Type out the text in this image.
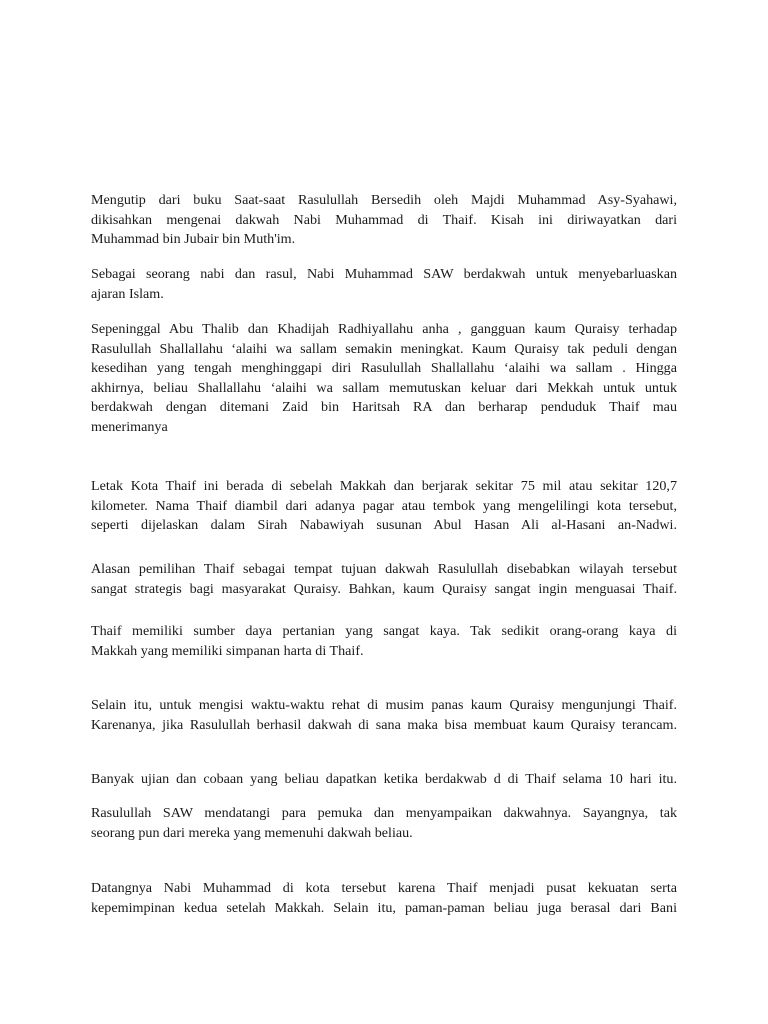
Mengutip dari buku Saat-saat Rasulullah Bersedih oleh Majdi Muhammad Asy-Syahawi,
dikisahkan mengenai dakwah Nabi Muhammad di Thaif. Kisah ini diriwayatkan dari
Muhammad bin Jubair bin Muth'im.
Sebagai seorang nabi dan rasul, Nabi Muhammad SAW berdakwah untuk menyebarluaskan
ajaran Islam.
Sepeninggal Abu Thalib dan Khadijah Radhiyallahu anha , gangguan kaum Quraisy terhadap
Rasulullah Shallallahu ‘alaihi wa sallam semakin meningkat. Kaum Quraisy tak peduli dengan
kesedihan yang tengah menghinggapi diri Rasulullah Shallallahu ‘alaihi wa sallam . Hingga
akhirnya, beliau Shallallahu ‘alaihi wa sallam memutuskan keluar dari Mekkah untuk untuk
berdakwah dengan ditemani Zaid bin Haritsah RA dan berharap penduduk Thaif mau
menerimanya
Letak Kota Thaif ini berada di sebelah Makkah dan berjarak sekitar 75 mil atau sekitar 120,7
kilometer. Nama Thaif diambil dari adanya pagar atau tembok yang mengelilingi kota tersebut,
seperti dijelaskan dalam Sirah Nabawiyah susunan Abul Hasan Ali al-Hasani an-Nadwi.
Alasan pemilihan Thaif sebagai tempat tujuan dakwah Rasulullah disebabkan wilayah tersebut
sangat strategis bagi masyarakat Quraisy. Bahkan, kaum Quraisy sangat ingin menguasai Thaif.
Thaif memiliki sumber daya pertanian yang sangat kaya. Tak sedikit orang-orang kaya di
Makkah yang memiliki simpanan harta di Thaif.
Selain itu, untuk mengisi waktu-waktu rehat di musim panas kaum Quraisy mengunjungi Thaif.
Karenanya, jika Rasulullah berhasil dakwah di sana maka bisa membuat kaum Quraisy terancam.
Banyak ujian dan cobaan yang beliau dapatkan ketika berdakwab d di Thaif selama 10 hari itu.
Rasulullah SAW mendatangi para pemuka dan menyampaikan dakwahnya. Sayangnya, tak
seorang pun dari mereka yang memenuhi dakwah beliau.
Datangnya Nabi Muhammad di kota tersebut karena Thaif menjadi pusat kekuatan serta
kepemimpinan kedua setelah Makkah. Selain itu, paman-paman beliau juga berasal dari Bani
